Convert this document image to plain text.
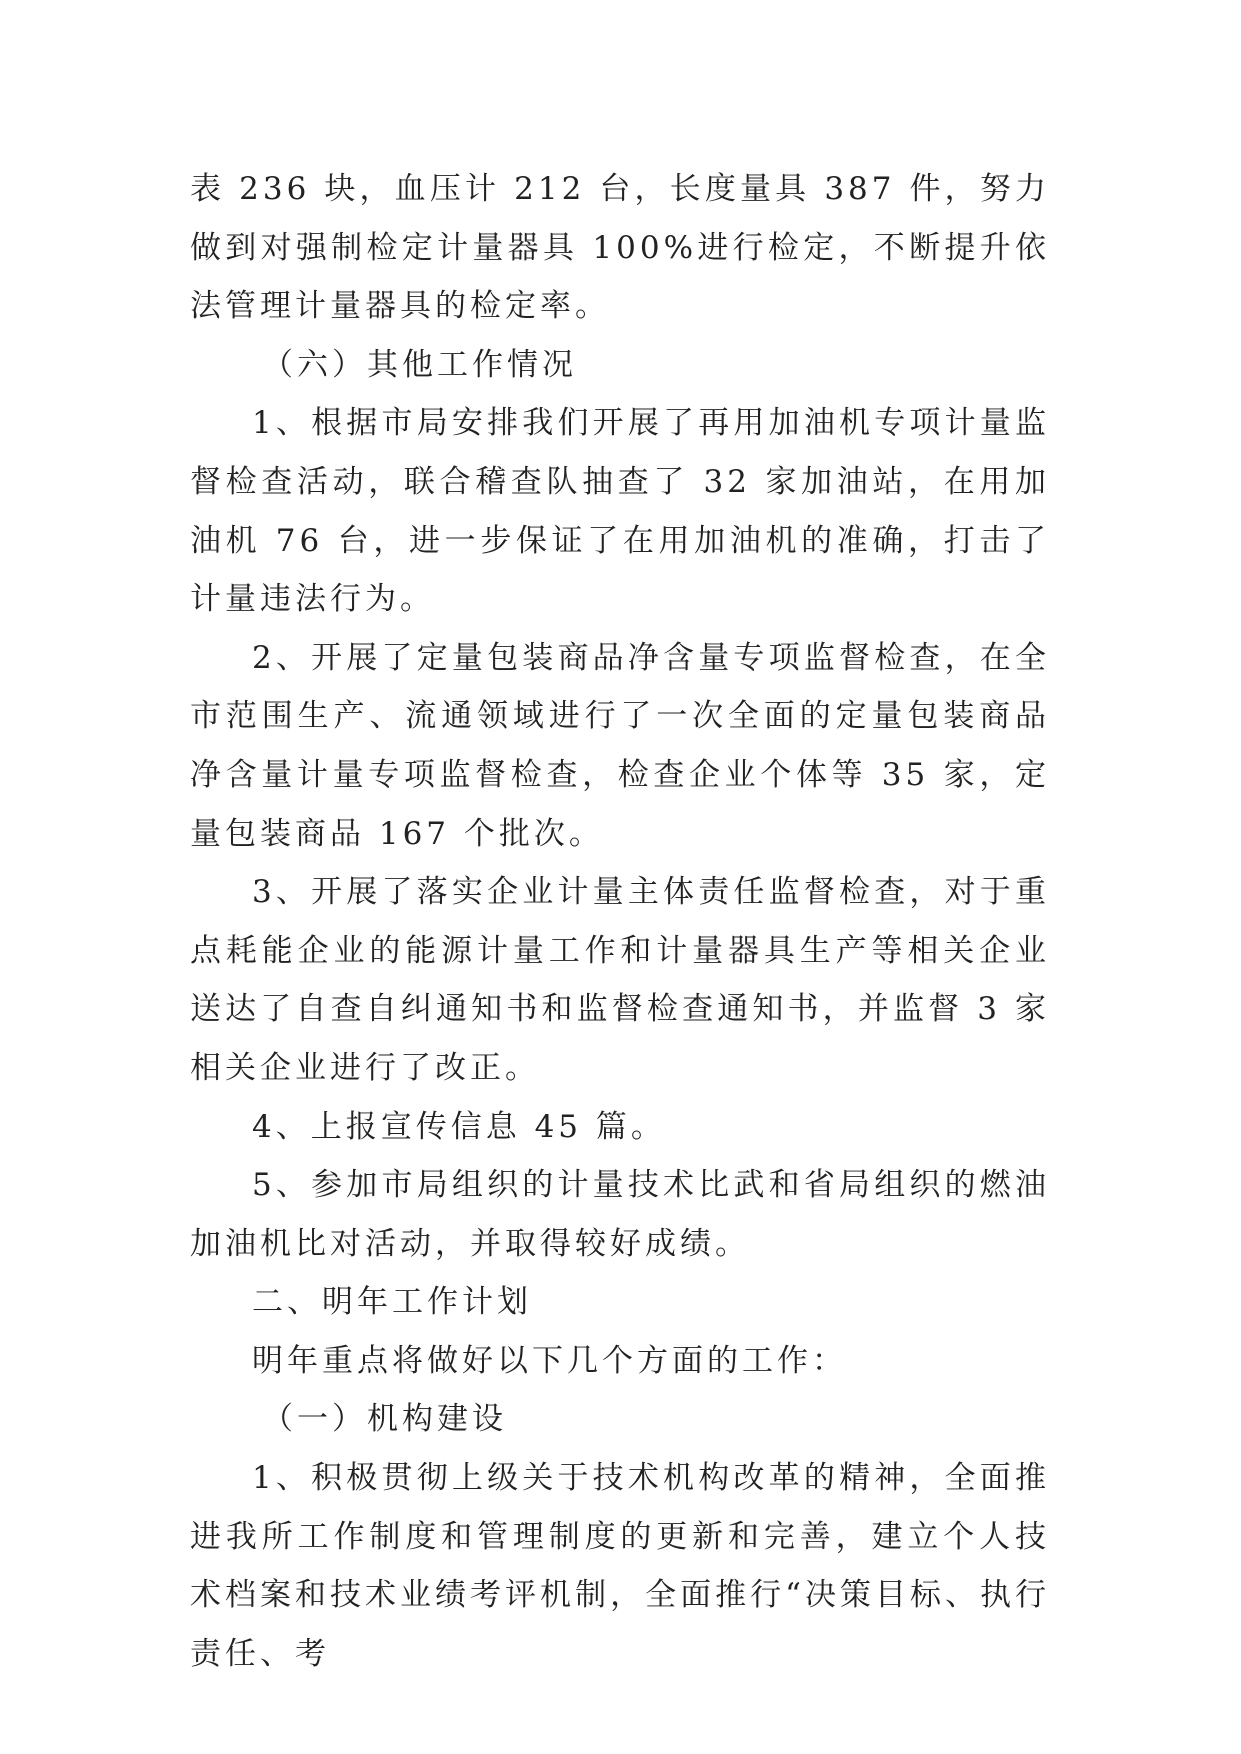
表 236 块，血压计 212 台，长度量具 387 件，努力做到对强制检定计量器具 100%进行检定，不断提升依法管理计量器具的检定率。

（六）其他工作情况

1、根据市局安排我们开展了再用加油机专项计量监督检查活动，联合稽查队抽查了 32 家加油站，在用加油机 76 台，进一步保证了在用加油机的准确，打击了计量违法行为。

2、开展了定量包装商品净含量专项监督检查，在全市范围生产、流通领域进行了一次全面的定量包装商品净含量计量专项监督检查，检查企业个体等 35 家，定量包装商品 167 个批次。

3、开展了落实企业计量主体责任监督检查，对于重点耗能企业的能源计量工作和计量器具生产等相关企业送达了自查自纠通知书和监督检查通知书，并监督 3 家相关企业进行了改正。

4、上报宣传信息 45 篇。

5、参加市局组织的计量技术比武和省局组织的燃油加油机比对活动，并取得较好成绩。

二、明年工作计划

明年重点将做好以下几个方面的工作：

（一）机构建设

1、积极贯彻上级关于技术机构改革的精神，全面推进我所工作制度和管理制度的更新和完善，建立个人技术档案和技术业绩考评机制，全面推行“决策目标、执行责任、考
